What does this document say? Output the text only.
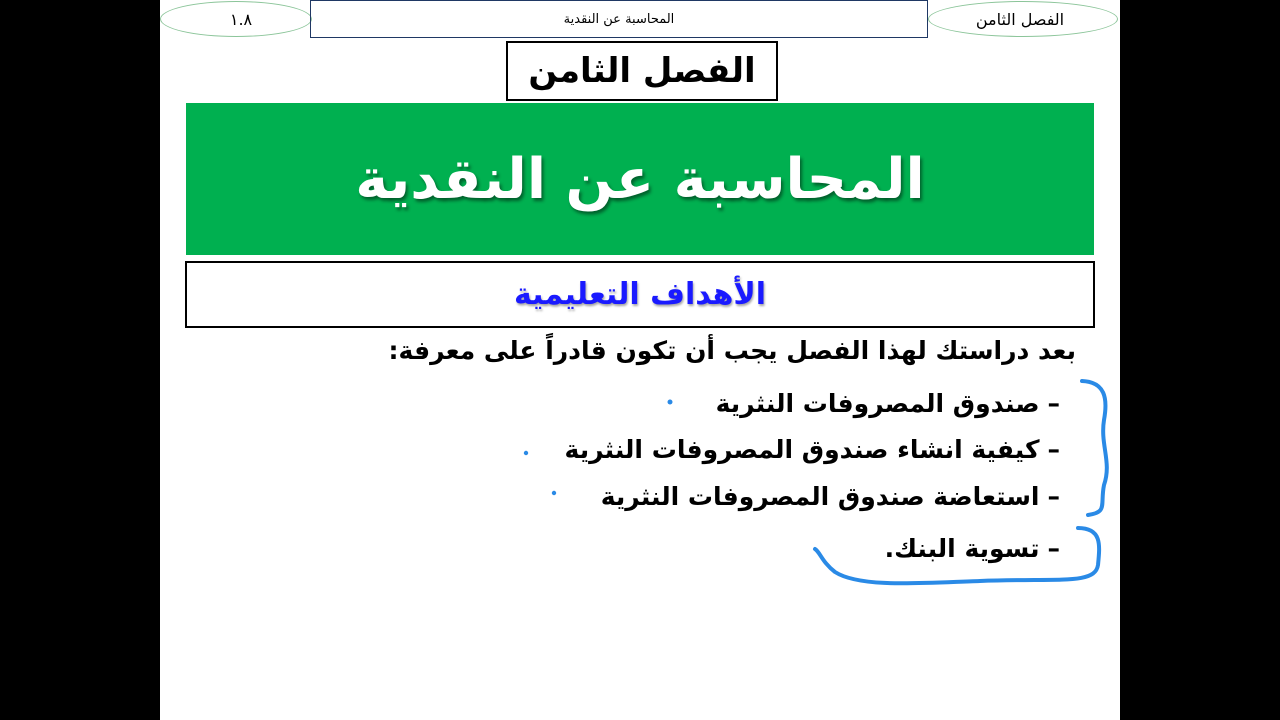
١.٨	المحاسبة عن النقدية	الفصل الثامن
الفصل الثامن
المحاسبة عن النقدية
الأهداف التعليمية
بعد دراستك لهذا الفصل يجب أن تكون قادراً على معرفة:
–
صندوق المصروفات النثرية
–
كيفية انشاء صندوق المصروفات النثرية
–
استعاضة صندوق المصروفات النثرية
–
تسوية البنك.
